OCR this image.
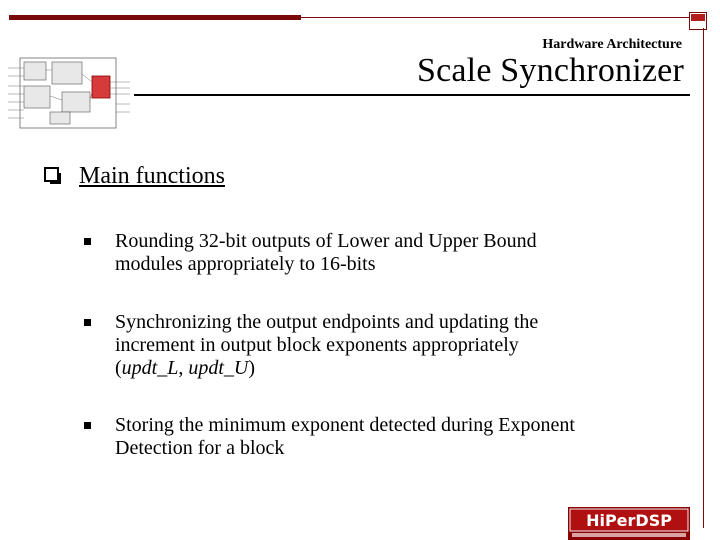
Hardware Architecture
Scale Synchronizer
Main functions
Rounding 32-bit outputs of Lower and Upper Bound
modules appropriately to 16-bits
Synchronizing the output endpoints and updating the
increment in output block exponents appropriately
(updt_L, updt_U)
Storing the minimum exponent detected during Exponent
Detection for a block
HiPerDSP
